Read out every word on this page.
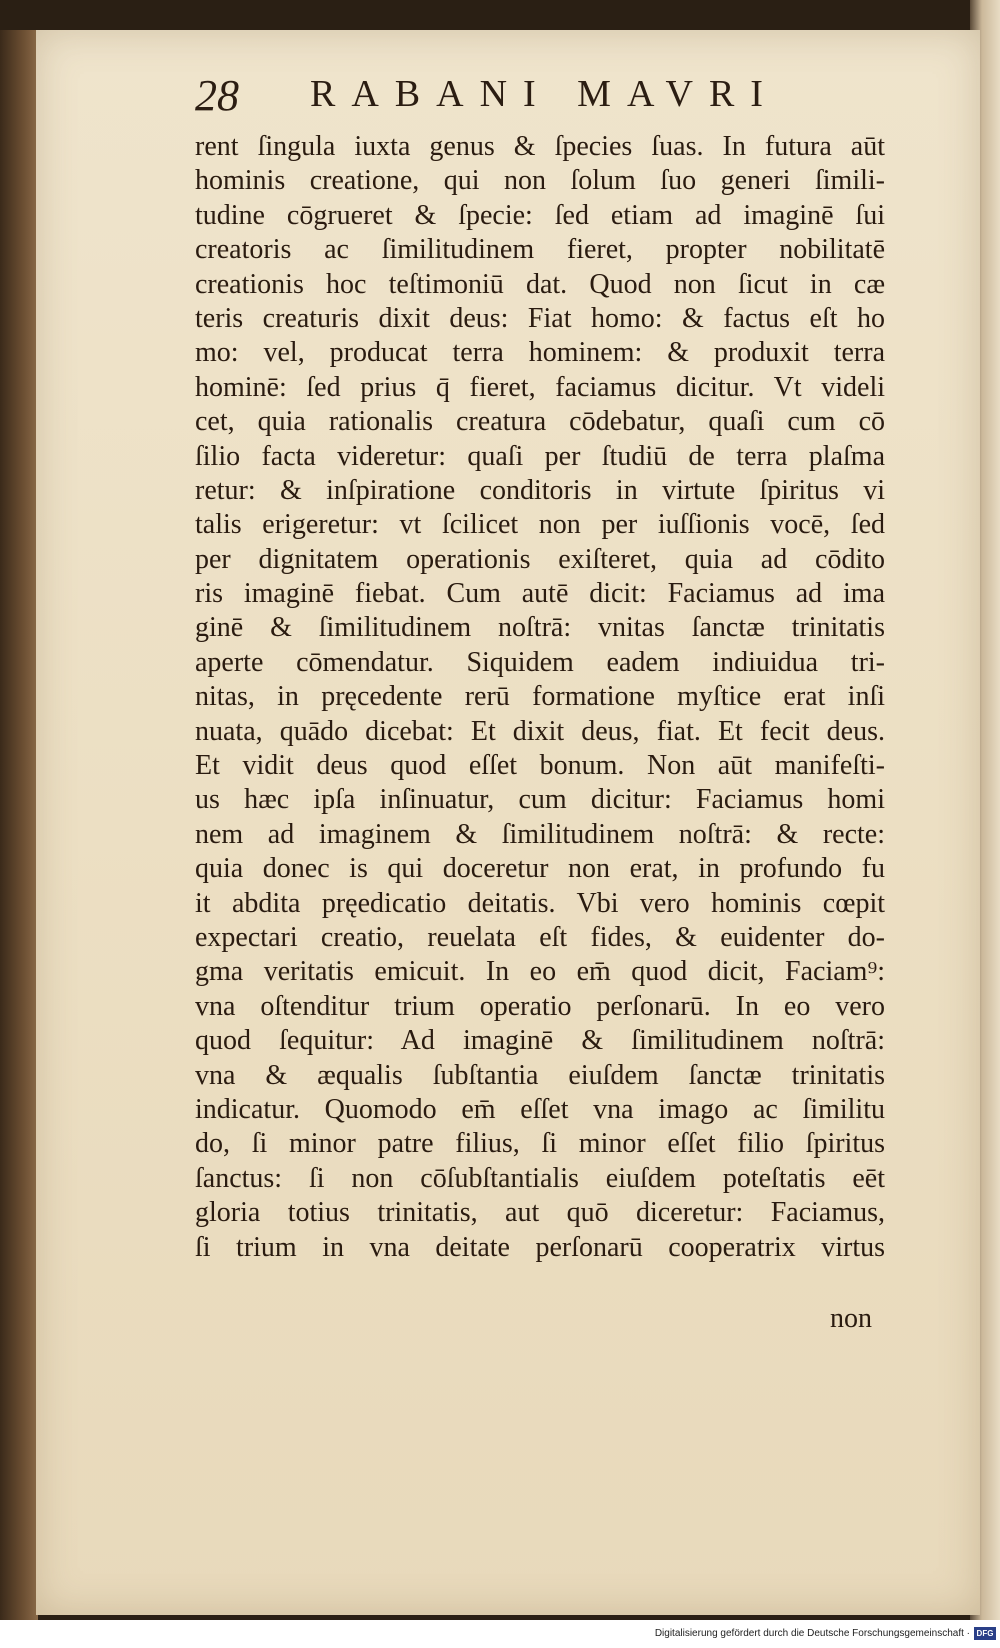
28 RABANI MAVRI
rent ſingula iuxta genus & ſpecies ſuas. In futura aūt
hominis creatione, qui non ſolum ſuo generi ſimili-
tudine cōgrueret & ſpecie: ſed etiam ad imaginē ſui
creatoris ac ſimilitudinem fieret, propter nobilitatē
creationis hoc teſtimoniū dat. Quod non ſicut in cæ
teris creaturis dixit deus: Fiat homo: & factus eſt ho
mo: vel, producat terra hominem: & produxit terra
hominē: ſed prius q̄ fieret, faciamus dicitur. Vt videli
cet, quia rationalis creatura cōdebatur, quaſi cum cō
ſilio facta videretur: quaſi per ſtudiū de terra plaſma
retur: & inſpiratione conditoris in virtute ſpiritus vi
talis erigeretur: vt ſcilicet non per iuſſionis vocē, ſed
per dignitatem operationis exiſteret, quia ad cōdito
ris imaginē fiebat. Cum autē dicit: Faciamus ad ima
ginē & ſimilitudinem noſtrā: vnitas ſanctæ trinitatis
aperte cōmendatur. Siquidem eadem indiuidua tri-
nitas, in pręcedente rerū formatione myſtice erat inſi
nuata, quādo dicebat: Et dixit deus, fiat. Et fecit deus.
Et vidit deus quod eſſet bonum. Non aūt manifeſti-
us hæc ipſa inſinuatur, cum dicitur: Faciamus homi
nem ad imaginem & ſimilitudinem noſtrā: & recte:
quia donec is qui doceretur non erat, in profundo fu
it abdita pręedicatio deitatis. Vbi vero hominis cœpit
expectari creatio, reuelata eſt fides, & euidenter do-
gma veritatis emicuit. In eo em̄ quod dicit, Faciam⁹:
vna oſtenditur trium operatio perſonarū. In eo vero
quod ſequitur: Ad imaginē & ſimilitudinem noſtrā:
vna & æqualis ſubſtantia eiuſdem ſanctæ trinitatis
indicatur. Quomodo em̄ eſſet vna imago ac ſimilitu
do, ſi minor patre filius, ſi minor eſſet filio ſpiritus
ſanctus: ſi non cōſubſtantialis eiuſdem poteſtatis eēt
gloria totius trinitatis, aut quō diceretur: Faciamus,
ſi trium in vna deitate perſonarū cooperatrix virtus
non
Digitalisierung gefördert durch die Deutsche Forschungsgemeinschaft · DFG
